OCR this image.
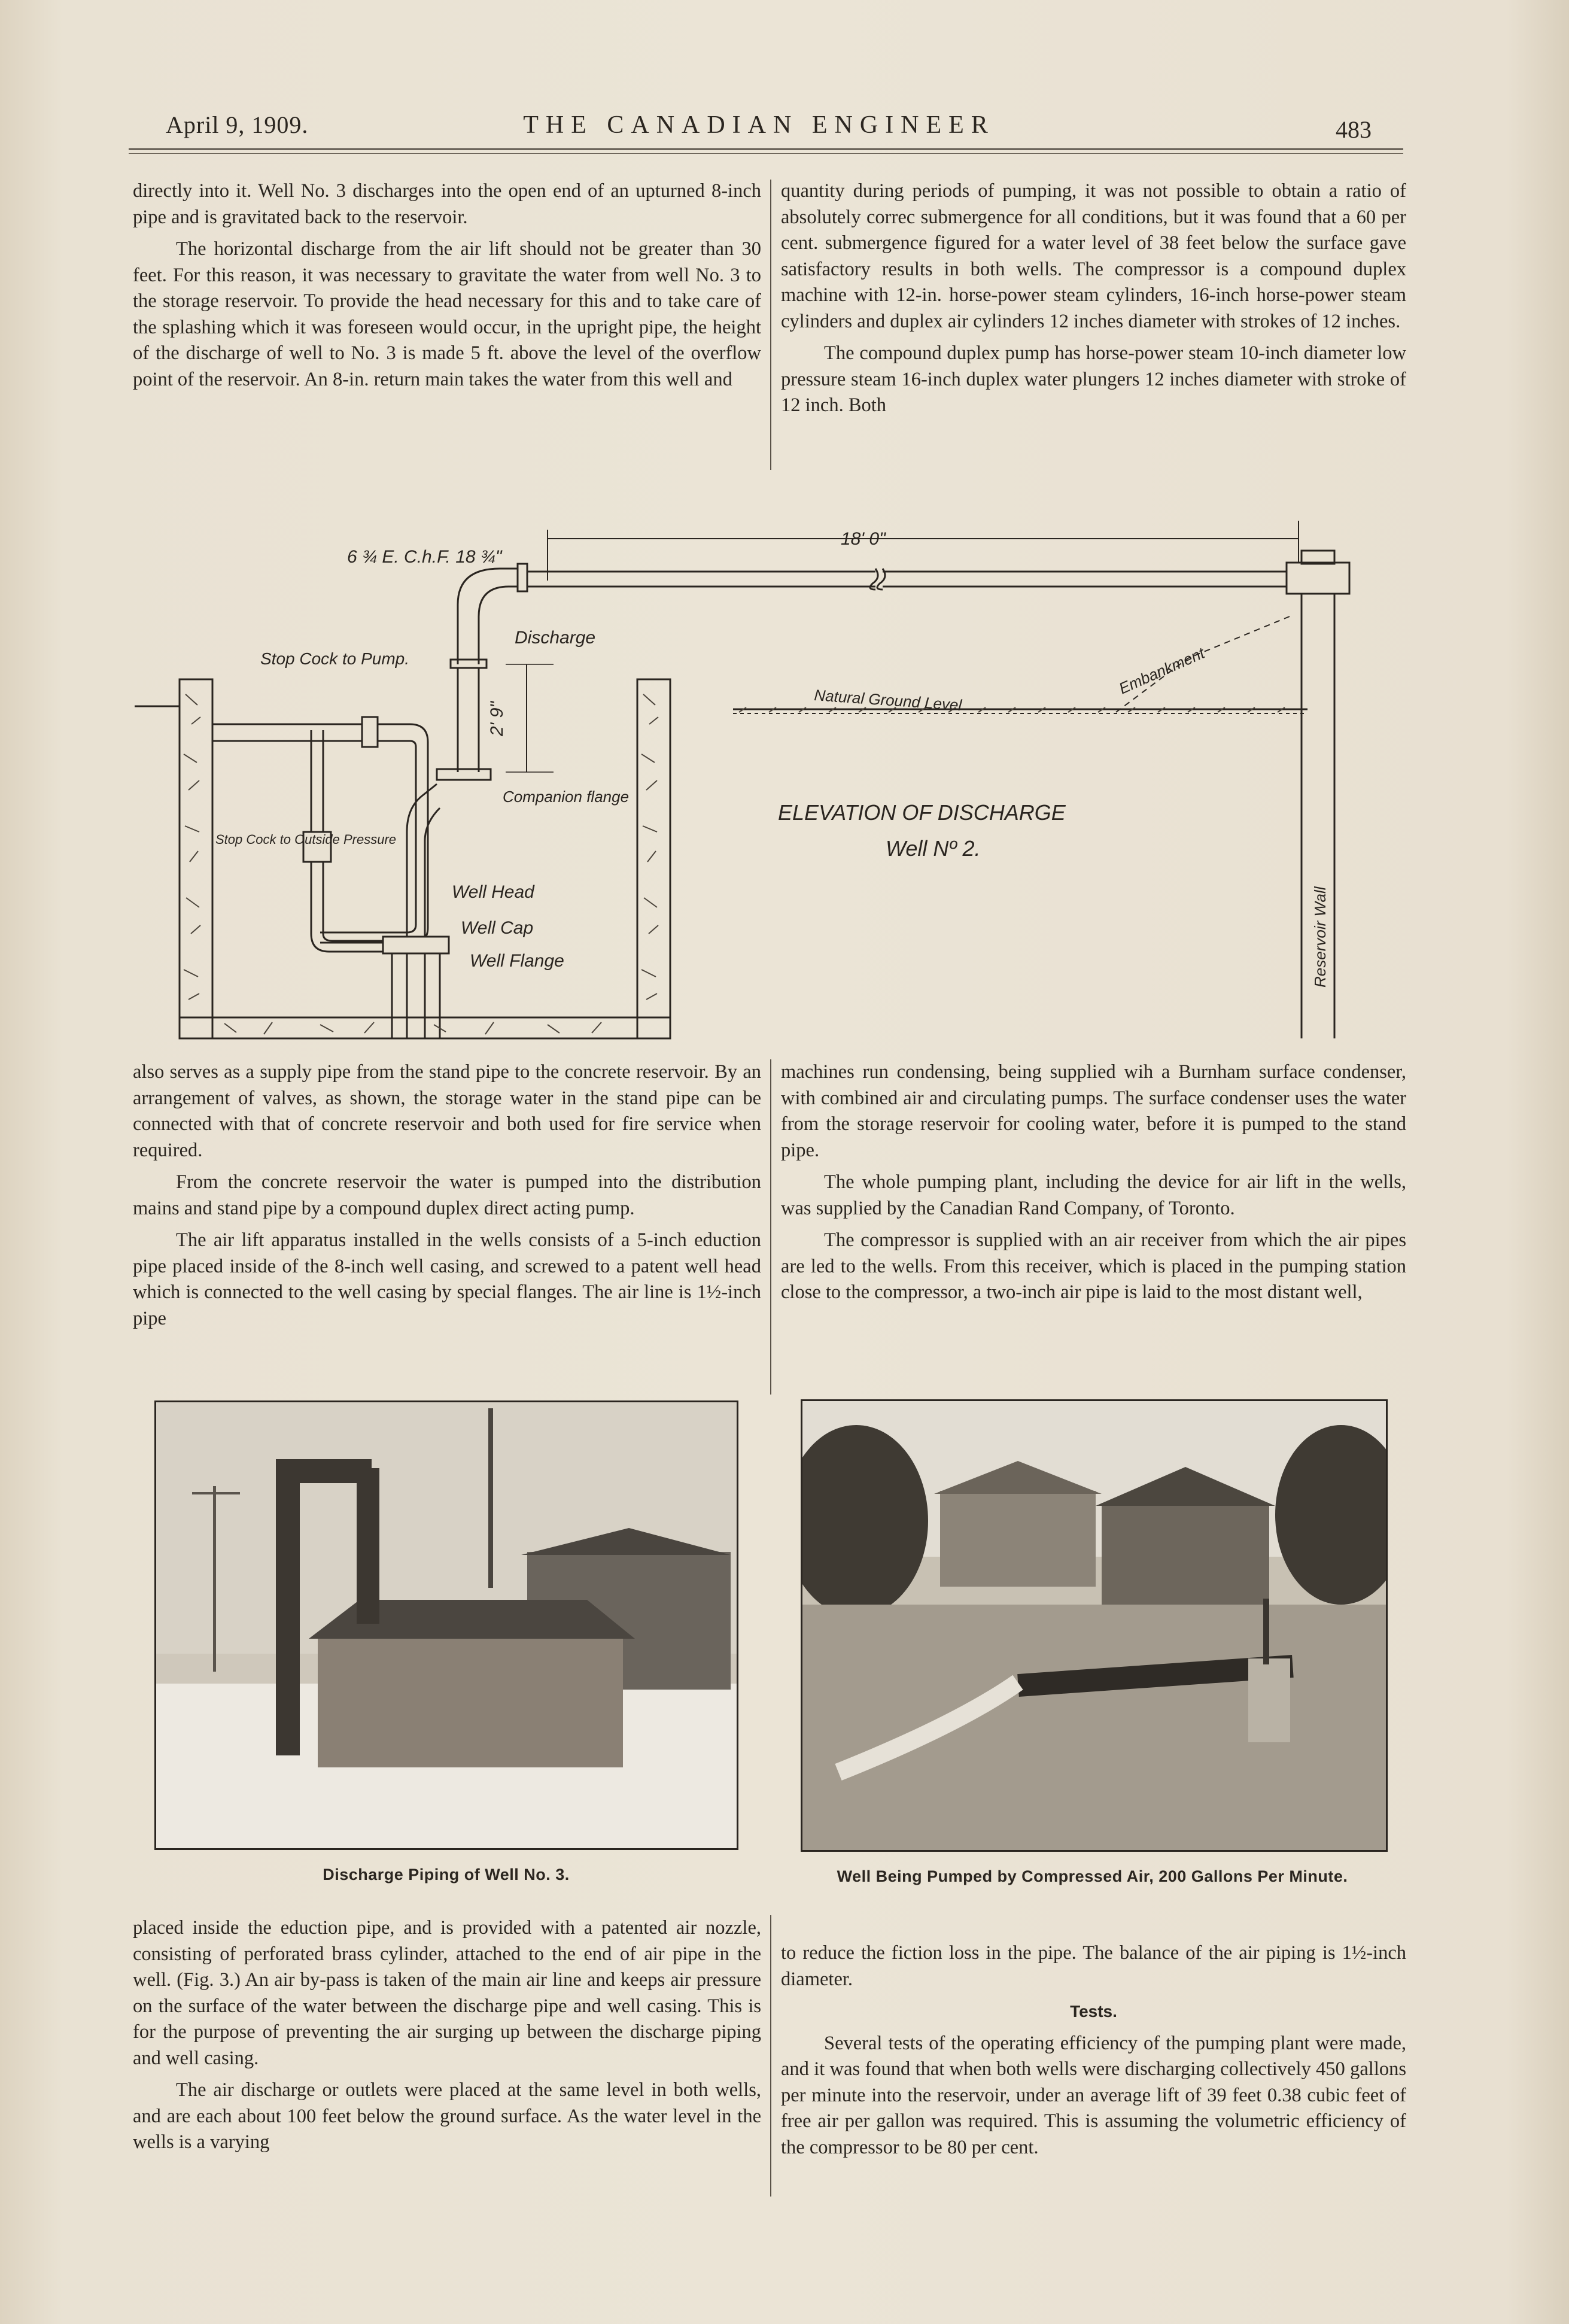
April 9, 1909.	THE CANADIAN ENGINEER	483

directly into it. Well No. 3 discharges into the open end of an upturned 8-inch pipe and is gravitated back to the reservoir.

The horizontal discharge from the air lift should not be greater than 30 feet. For this reason, it was necessary to gravitate the water from well No. 3 to the storage reservoir. To provide the head necessary for this and to take care of the splashing which it was foreseen would occur, in the upright pipe, the height of the discharge of well to No. 3 is made 5 ft. above the level of the overflow point of the reservoir. An 8-in. return main takes the water from this well and

quantity during periods of pumping, it was not possible to obtain a ratio of absolutely correc submergence for all conditions, but it was found that a 60 per cent. submergence figured for a water level of 38 feet below the surface gave satisfactory results in both wells. The compressor is a compound duplex machine with 12-in. horse-power steam cylinders, 16-inch horse-power steam cylinders and duplex air cylinders 12 inches diameter with strokes of 12 inches.

The compound duplex pump has horse-power steam 10-inch diameter low pressure steam 16-inch duplex water plungers 12 inches diameter with stroke of 12 inch. Both

18' 0"
2' 9"
6 ¾ E. C.h.F. 18 ¾"
Discharge
Stop Cock to Pump.
Natural Ground Level
Embankment
Companion flange
Stop Cock to Outside Pressure
Well Head
Well Cap
Well Flange
ELEVATION OF DISCHARGE
Well Nº 2.
Reservoir Wall

also serves as a supply pipe from the stand pipe to the concrete reservoir. By an arrangement of valves, as shown, the storage water in the stand pipe can be connected with that of concrete reservoir and both used for fire service when required.

From the concrete reservoir the water is pumped into the distribution mains and stand pipe by a compound duplex direct acting pump.

The air lift apparatus installed in the wells consists of a 5-inch eduction pipe placed inside of the 8-inch well casing, and screwed to a patent well head which is connected to the well casing by special flanges. The air line is 1½-inch pipe

machines run condensing, being supplied wih a Burnham surface condenser, with combined air and circulating pumps. The surface condenser uses the water from the storage reservoir for cooling water, before it is pumped to the stand pipe.

The whole pumping plant, including the device for air lift in the wells, was supplied by the Canadian Rand Company, of Toronto.

The compressor is supplied with an air receiver from which the air pipes are led to the wells. From this receiver, which is placed in the pumping station close to the compressor, a two-inch air pipe is laid to the most distant well,

Discharge Piping of Well No. 3.	Well Being Pumped by Compressed Air, 200 Gallons Per Minute.

placed inside the eduction pipe, and is provided with a patented air nozzle, consisting of perforated brass cylinder, attached to the end of air pipe in the well. (Fig. 3.) An air by-pass is taken of the main air line and keeps air pressure on the surface of the water between the discharge pipe and well casing. This is for the purpose of preventing the air surging up between the discharge piping and well casing.

The air discharge or outlets were placed at the same level in both wells, and are each about 100 feet below the ground surface. As the water level in the wells is a varying

to reduce the fiction loss in the pipe. The balance of the air piping is 1½-inch diameter.

Tests.

Several tests of the operating efficiency of the pumping plant were made, and it was found that when both wells were discharging collectively 450 gallons per minute into the reservoir, under an average lift of 39 feet 0.38 cubic feet of free air per gallon was required. This is assuming the volumetric efficiency of the compressor to be 80 per cent.
